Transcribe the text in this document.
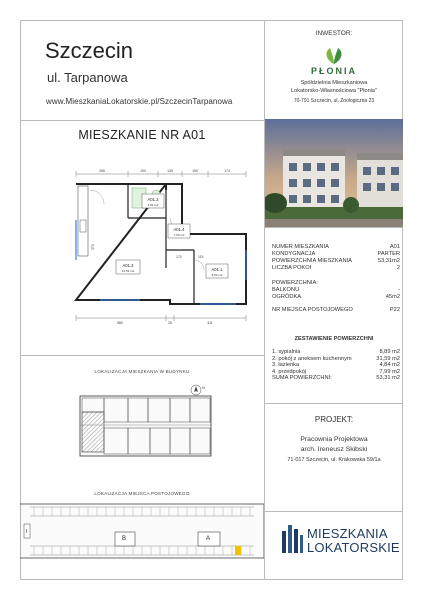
Szczecin
ul. Tarpanowa
www.MieszkaniaLokatorskie.pl/SzczecinTarpanowa
MIESZKANIE NR A01
286	190	135	150	174
A01.3
4,84 m2
A01.4
7,99 m2
A01.2
31,59 m2	A01.1
8,89 m2
373
170	115
580	25	311
LOKALIZACJA MIESZKANIA W BUDYNKU
N
LOKALIZACJA MIEJSCA POSTOJOWEGO
B	A
I
INWESTOR:
PŁONIA
Spółdzielnia Mieszkaniowa
Lokatorsko-Własnościowa "Płonia"
70-791 Szczecin, ul. Zoologiczna 23
NUMER MIESZKANIA	A01
KONDYGNACJA	PARTER
POWIERZCHNIA MIESZKANIA	53,31m2
LICZBA POKOI	2
POWIERZCHNIA:
BALKONU	-
OGRÓDKA	45m2
NR MIEJSCA POSTOJOWEGO	P22
ZESTAWIENIE POWIERZCHNI
1. sypialnia	8,89 m2
2. pokój z aneksem kuchennym	31,59 m2
3. łazienka	4,84 m2
4. przedpokój	7,99 m2
SUMA POWIERZCHNI:	53,31 m2
PROJEKT:
Pracownia Projektowa
arch. Ireneusz Skibski
71-017 Szczecin, ul. Krakowska 59/1a
MIESZKANIA
LOKATORSKIE
